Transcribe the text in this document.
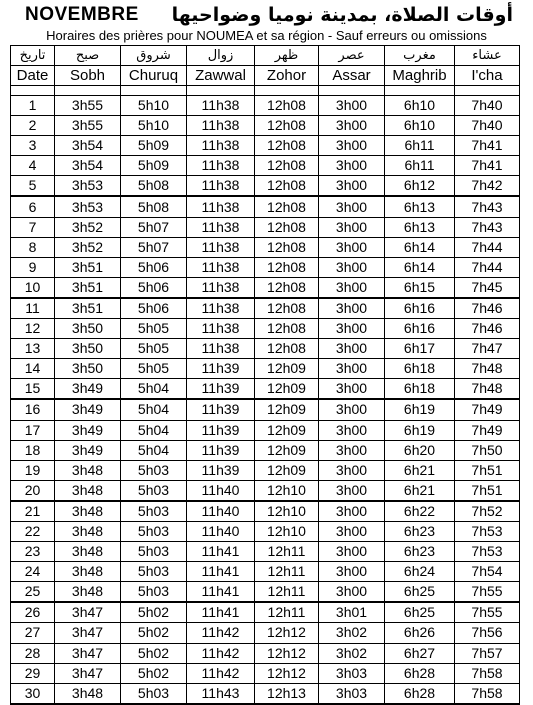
NOVEMBRE أوقات الصلاة، بمدينة نوميا وضواحيها
Horaires des prières pour NOUMEA et sa région - Sauf erreurs ou omissions
تاريخ	صبح	شروق	زوال	ظهر	عصر	مغرب	عشاء
Date	Sobh	Churuq	Zawwal	Zohor	Assar	Maghrib	I'cha

1	3h55	5h10	11h38	12h08	3h00	6h10	7h40
2	3h55	5h10	11h38	12h08	3h00	6h10	7h40
3	3h54	5h09	11h38	12h08	3h00	6h11	7h41
4	3h54	5h09	11h38	12h08	3h00	6h11	7h41
5	3h53	5h08	11h38	12h08	3h00	6h12	7h42
6	3h53	5h08	11h38	12h08	3h00	6h13	7h43
7	3h52	5h07	11h38	12h08	3h00	6h13	7h43
8	3h52	5h07	11h38	12h08	3h00	6h14	7h44
9	3h51	5h06	11h38	12h08	3h00	6h14	7h44
10	3h51	5h06	11h38	12h08	3h00	6h15	7h45
11	3h51	5h06	11h38	12h08	3h00	6h16	7h46
12	3h50	5h05	11h38	12h08	3h00	6h16	7h46
13	3h50	5h05	11h38	12h08	3h00	6h17	7h47
14	3h50	5h05	11h39	12h09	3h00	6h18	7h48
15	3h49	5h04	11h39	12h09	3h00	6h18	7h48
16	3h49	5h04	11h39	12h09	3h00	6h19	7h49
17	3h49	5h04	11h39	12h09	3h00	6h19	7h49
18	3h49	5h04	11h39	12h09	3h00	6h20	7h50
19	3h48	5h03	11h39	12h09	3h00	6h21	7h51
20	3h48	5h03	11h40	12h10	3h00	6h21	7h51
21	3h48	5h03	11h40	12h10	3h00	6h22	7h52
22	3h48	5h03	11h40	12h10	3h00	6h23	7h53
23	3h48	5h03	11h41	12h11	3h00	6h23	7h53
24	3h48	5h03	11h41	12h11	3h00	6h24	7h54
25	3h48	5h03	11h41	12h11	3h00	6h25	7h55
26	3h47	5h02	11h41	12h11	3h01	6h25	7h55
27	3h47	5h02	11h42	12h12	3h02	6h26	7h56
28	3h47	5h02	11h42	12h12	3h02	6h27	7h57
29	3h47	5h02	11h42	12h12	3h03	6h28	7h58
30	3h48	5h03	11h43	12h13	3h03	6h28	7h58
